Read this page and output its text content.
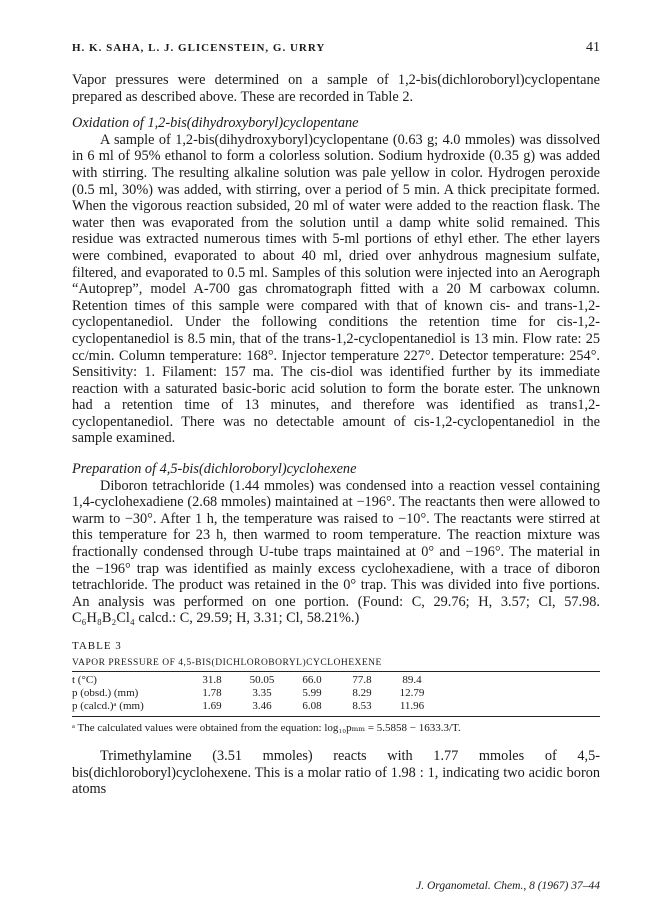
H. K. SAHA, L. J. GLICENSTEIN, G. URRY	41

Vapor pressures were determined on a sample of 1,2-bis(dichloroboryl)cyclopentane prepared as described above. These are recorded in Table 2.

Oxidation of 1,2-bis(dihydroxyboryl)cyclopentane

A sample of 1,2-bis(dihydroxyboryl)cyclopentane (0.63 g; 4.0 mmoles) was dissolved in 6 ml of 95% ethanol to form a colorless solution. Sodium hydroxide (0.35 g) was added with stirring. The resulting alkaline solution was pale yellow in color. Hydrogen peroxide (0.5 ml, 30%) was added, with stirring, over a period of 5 min. A thick precipitate formed. When the vigorous reaction subsided, 20 ml of water were added to the reaction flask. The water then was evaporated from the solution until a damp white solid remained. This residue was extracted numerous times with 5-ml portions of ethyl ether. The ether layers were combined, evaporated to about 40 ml, dried over anhydrous magnesium sulfate, filtered, and evaporated to 0.5 ml. Samples of this solution were injected into an Aerograph “Autoprep”, model A-700 gas chromatograph fitted with a 20 M carbowax column. Retention times of this sample were compared with that of known cis- and trans-1,2-cyclopentanediol. Under the following conditions the retention time for cis-1,2-cyclopentanediol is 8.5 min, that of the trans-1,2-cyclopentanediol is 13 min. Flow rate: 25 cc/min. Column temperature: 168°. Injector temperature 227°. Detector temperature: 254°. Sensitivity: 1. Filament: 157 ma. The cis-diol was identified further by its immediate reaction with a saturated basic-boric acid solution to form the borate ester. The unknown had a retention time of 13 minutes, and therefore was identified as trans1,2-cyclopentanediol. There was no detectable amount of cis-1,2-cyclopentanediol in the sample examined.

Preparation of 4,5-bis(dichloroboryl)cyclohexene

Diboron tetrachloride (1.44 mmoles) was condensed into a reaction vessel containing 1,4-cyclohexadiene (2.68 mmoles) maintained at −196°. The reactants then were allowed to warm to −30°. After 1 h, the temperature was raised to −10°. The reactants were stirred at this temperature for 23 h, then warmed to room temperature. The reaction mixture was fractionally condensed through U-tube traps maintained at 0° and −196°. The material in the −196° trap was identified as mainly excess cyclohexadiene, with a trace of diboron tetrachloride. The product was retained in the 0° trap. This was divided into five portions. An analysis was performed on one portion. (Found: C, 29.76; H, 3.57; Cl, 57.98. C₆H₈B₂Cl₄ calcd.: C, 29.59; H, 3.31; Cl, 58.21%.)

TABLE 3
VAPOR PRESSURE OF 4,5-BIS(DICHLOROBORYL)CYCLOHEXENE
t (°C)	31.8	50.05	66.0	77.8	89.4
p (obsd.) (mm)	1.78	3.35	5.99	8.29	12.79
p (calcd.)ᵃ (mm)	1.69	3.46	6.08	8.53	11.96
ᵃ The calculated values were obtained from the equation: log₁₀pₘₘ = 5.5858 − 1633.3/T.

Trimethylamine (3.51 mmoles) reacts with 1.77 mmoles of 4,5-bis(dichloroboryl)cyclohexene. This is a molar ratio of 1.98 : 1, indicating two acidic boron atoms

J. Organometal. Chem., 8 (1967) 37–44
